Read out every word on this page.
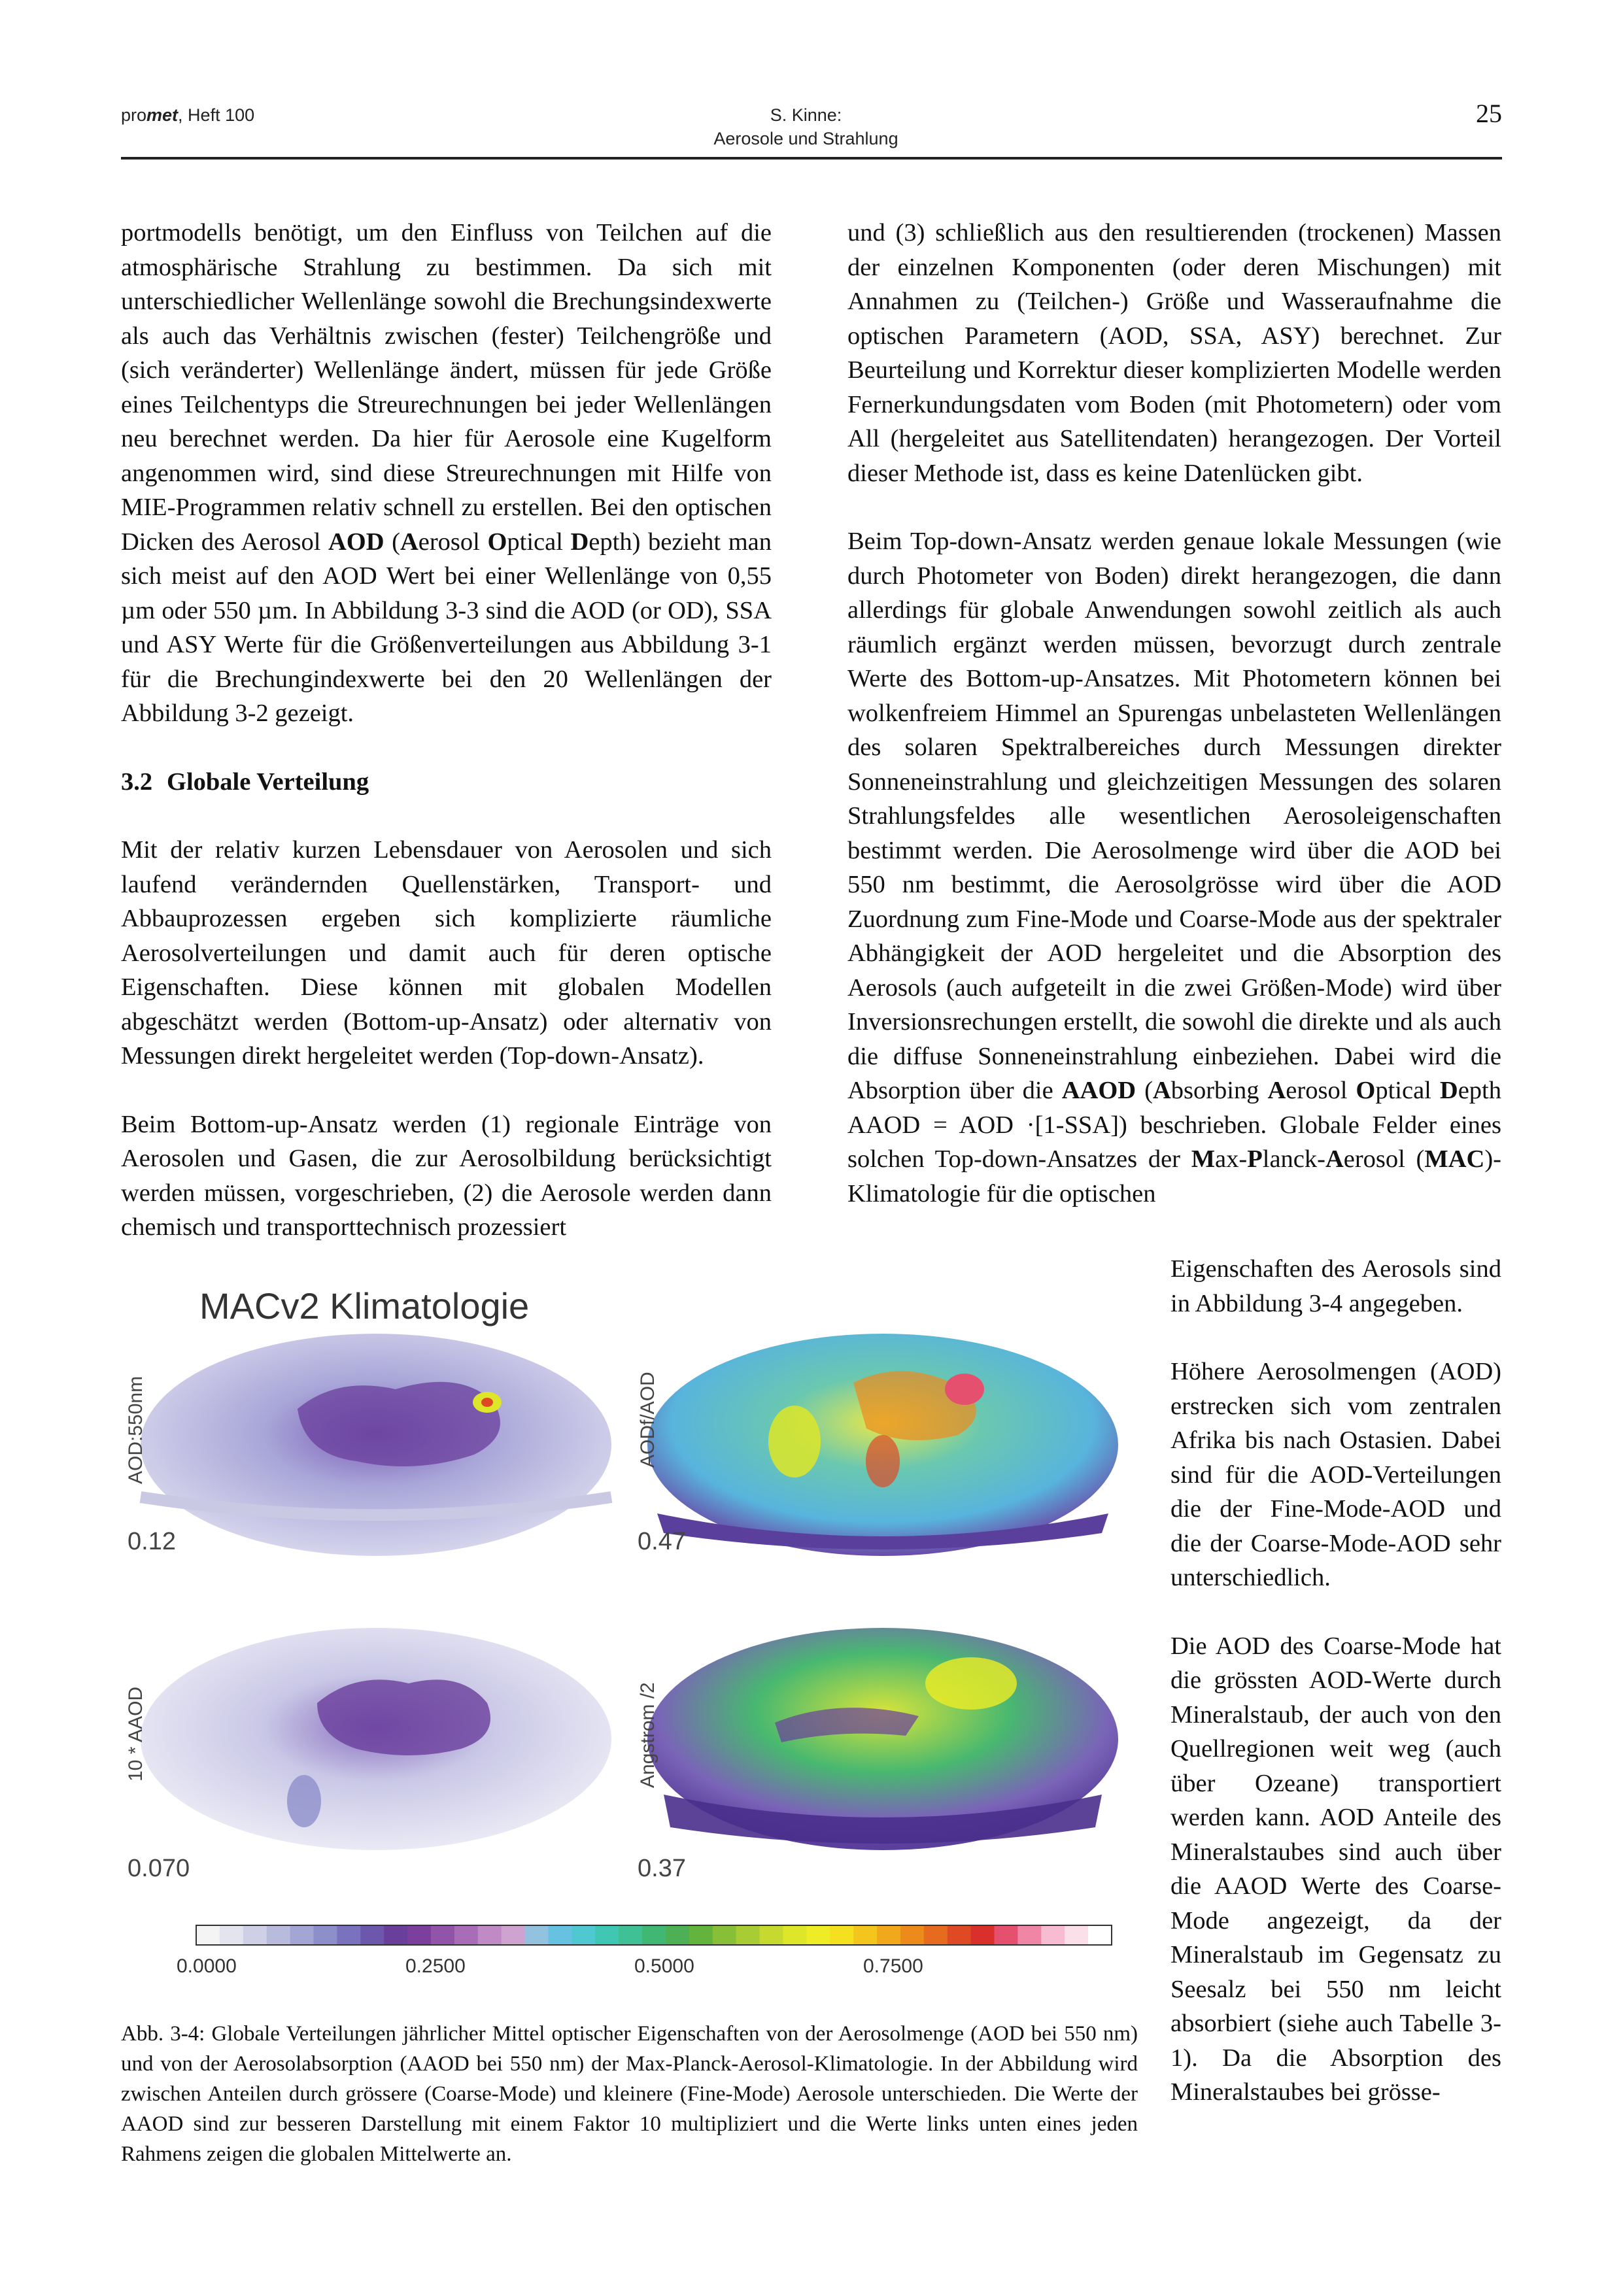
promet, Heft 100	S. Kinne:
Aerosole und Strahlung
25

portmodells benötigt, um den Einfluss von Teilchen auf die atmosphärische Strahlung zu bestimmen. Da sich mit unterschiedlicher Wellenlänge sowohl die Brechungsindexwerte als auch das Verhältnis zwischen (fester) Teilchengröße und (sich veränderter) Wellenlänge ändert, müssen für jede Größe eines Teilchentyps die Streurechnungen bei jeder Wellenlängen neu berechnet werden. Da hier für Aerosole eine Kugelform angenommen wird, sind diese Streurechnungen mit Hilfe von MIE-Programmen relativ schnell zu erstellen. Bei den optischen Dicken des Aerosol AOD (Aerosol Optical Depth) bezieht man sich meist auf den AOD Wert bei einer Wellenlänge von 0,55 µm oder 550 µm. In Abbildung 3-3 sind die AOD (or OD), SSA und ASY Werte für die Größenverteilungen aus Abbildung 3-1 für die Brechungindexwerte bei den 20 Wellenlängen der Abbildung 3-2 gezeigt.

3.2 Globale Verteilung

Mit der relativ kurzen Lebensdauer von Aerosolen und sich laufend verändernden Quellenstärken, Transport- und Abbauprozessen ergeben sich komplizierte räumliche Aerosolverteilungen und damit auch für deren optische Eigenschaften. Diese können mit globalen Modellen abgeschätzt werden (Bottom-up-Ansatz) oder alternativ von Messungen direkt hergeleitet werden (Top-down-Ansatz).

Beim Bottom-up-Ansatz werden (1) regionale Einträge von Aerosolen und Gasen, die zur Aerosolbildung berücksichtigt werden müssen, vorgeschrieben, (2) die Aerosole werden dann chemisch und transporttechnisch prozessiert

und (3) schließlich aus den resultierenden (trockenen) Massen der einzelnen Komponenten (oder deren Mischungen) mit Annahmen zu (Teilchen-) Größe und Wasseraufnahme die optischen Parametern (AOD, SSA, ASY) berechnet. Zur Beurteilung und Korrektur dieser komplizierten Modelle werden Fernerkundungsdaten vom Boden (mit Photometern) oder vom All (hergeleitet aus Satellitendaten) herangezogen. Der Vorteil dieser Methode ist, dass es keine Datenlücken gibt.

Beim Top-down-Ansatz werden genaue lokale Messungen (wie durch Photometer von Boden) direkt herangezogen, die dann allerdings für globale Anwendungen sowohl zeitlich als auch räumlich ergänzt werden müssen, bevorzugt durch zentrale Werte des Bottom-up-Ansatzes. Mit Photometern können bei wolkenfreiem Himmel an Spurengas unbelasteten Wellenlängen des solaren Spektralbereiches durch Messungen direkter Sonneneinstrahlung und gleichzeitigen Messungen des solaren Strahlungsfeldes alle wesentlichen Aerosoleigenschaften bestimmt werden. Die Aerosolmenge wird über die AOD bei 550 nm bestimmt, die Aerosolgrösse wird über die AOD Zuordnung zum Fine-Mode und Coarse-Mode aus der spektraler Abhängigkeit der AOD hergeleitet und die Absorption des Aerosols (auch aufgeteilt in die zwei Größen-Mode) wird über Inversionsrechungen erstellt, die sowohl die direkte und als auch die diffuse Sonneneinstrahlung einbeziehen. Dabei wird die Absorption über die AAOD (Absorbing Aerosol Optical Depth AAOD = AOD ·[1-SSA]) beschrieben. Globale Felder eines solchen Top-down-Ansatzes der Max-Planck-Aerosol (MAC)-Klimatologie für die optischen

Eigenschaften des Aerosols sind in Abbildung 3-4 angegeben.

Höhere Aerosolmengen (AOD) erstrecken sich vom zentralen Afrika bis nach Ostasien. Dabei sind für die AOD-Verteilungen die der Fine-Mode-AOD und die der Coarse-Mode-AOD sehr unterschiedlich.

Die AOD des Coarse-Mode hat die grössten AOD-Werte durch Mineralstaub, der auch von den Quellregionen weit weg (auch über Ozeane) transportiert werden kann. AOD Anteile des Mineralstaubes sind auch über die AAOD Werte des Coarse-Mode angezeigt, da der Mineralstaub im Gegensatz zu Seesalz bei 550 nm leicht absorbiert (siehe auch Tabelle 3-1). Da die Absorption des Mineralstaubes bei grösse-

MACv2 Klimatologie
AOD:550nm
0.12
AODf/AOD
0.47
10 * AAOD
0.070
Angstrom /2
0.37
0.0000	0.2500	0.5000	0.7500
Abb. 3-4: Globale Verteilungen jährlicher Mittel optischer Eigenschaften von der Aerosolmenge (AOD bei 550 nm) und von der Aerosolabsorption (AAOD bei 550 nm) der Max-Planck-Aerosol-Klimatologie. In der Abbildung wird zwischen Anteilen durch grössere (Coarse-Mode) und kleinere (Fine-Mode) Aerosole unterschieden. Die Werte der AAOD sind zur besseren Darstellung mit einem Faktor 10 multipliziert und die Werte links unten eines jeden Rahmens zeigen die globalen Mittelwerte an.
